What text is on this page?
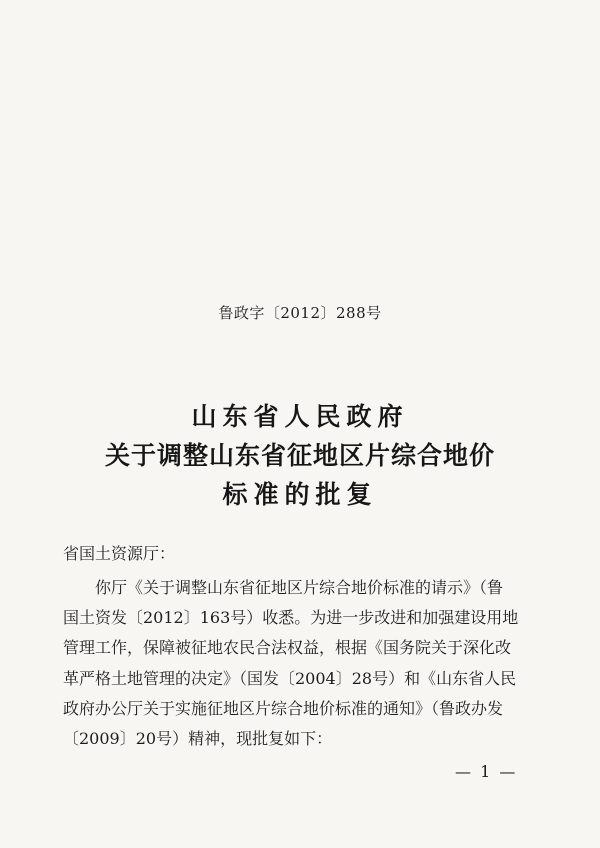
鲁政字〔2012〕288号
山东省人民政府
关于调整山东省征地区片综合地价
标准的批复
省国土资源厅：
你厅《关于调整山东省征地区片综合地价标准的请示》（鲁
国土资发〔2012〕163号）收悉。为进一步改进和加强建设用地
管理工作，保障被征地农民合法权益，根据《国务院关于深化改
革严格土地管理的决定》（国发〔2004〕28号）和《山东省人民
政府办公厅关于实施征地区片综合地价标准的通知》（鲁政办发
〔2009〕20号）精神，现批复如下：
— 1 —
